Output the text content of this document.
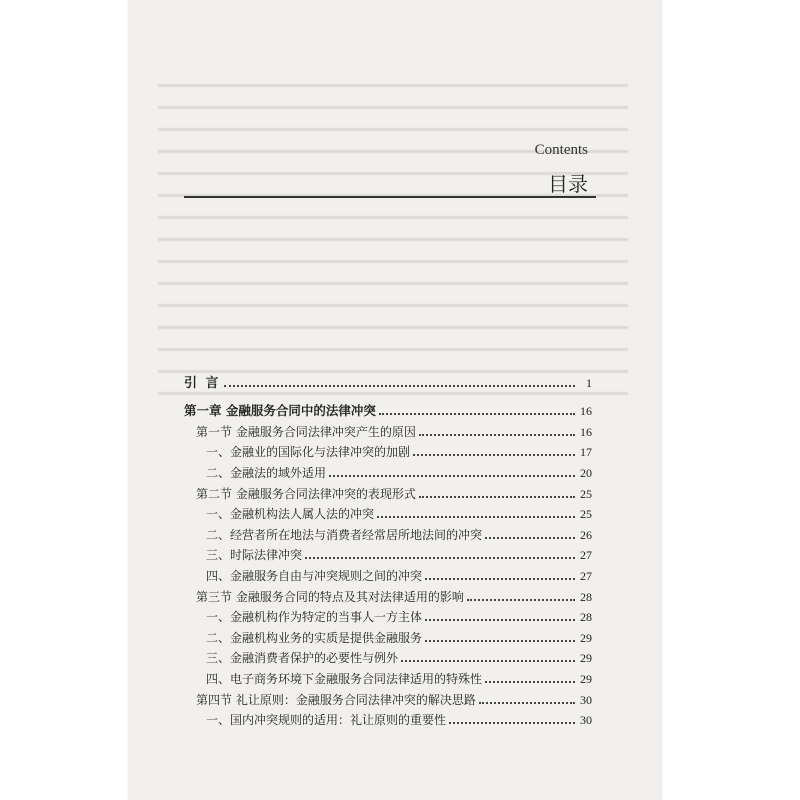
Contents
目录
引 言	1
第一章 金融服务合同中的法律冲突	16
第一节 金融服务合同法律冲突产生的原因	16
一、金融业的国际化与法律冲突的加剧	17
二、金融法的域外适用	20
第二节 金融服务合同法律冲突的表现形式	25
一、金融机构法人属人法的冲突	25
二、经营者所在地法与消费者经常居所地法间的冲突	26
三、时际法律冲突	27
四、金融服务自由与冲突规则之间的冲突	27
第三节 金融服务合同的特点及其对法律适用的影响	28
一、金融机构作为特定的当事人一方主体	28
二、金融机构业务的实质是提供金融服务	29
三、金融消费者保护的必要性与例外	29
四、电子商务环境下金融服务合同法律适用的特殊性	29
第四节 礼让原则：金融服务合同法律冲突的解决思路	30
一、国内冲突规则的适用：礼让原则的重要性	30
